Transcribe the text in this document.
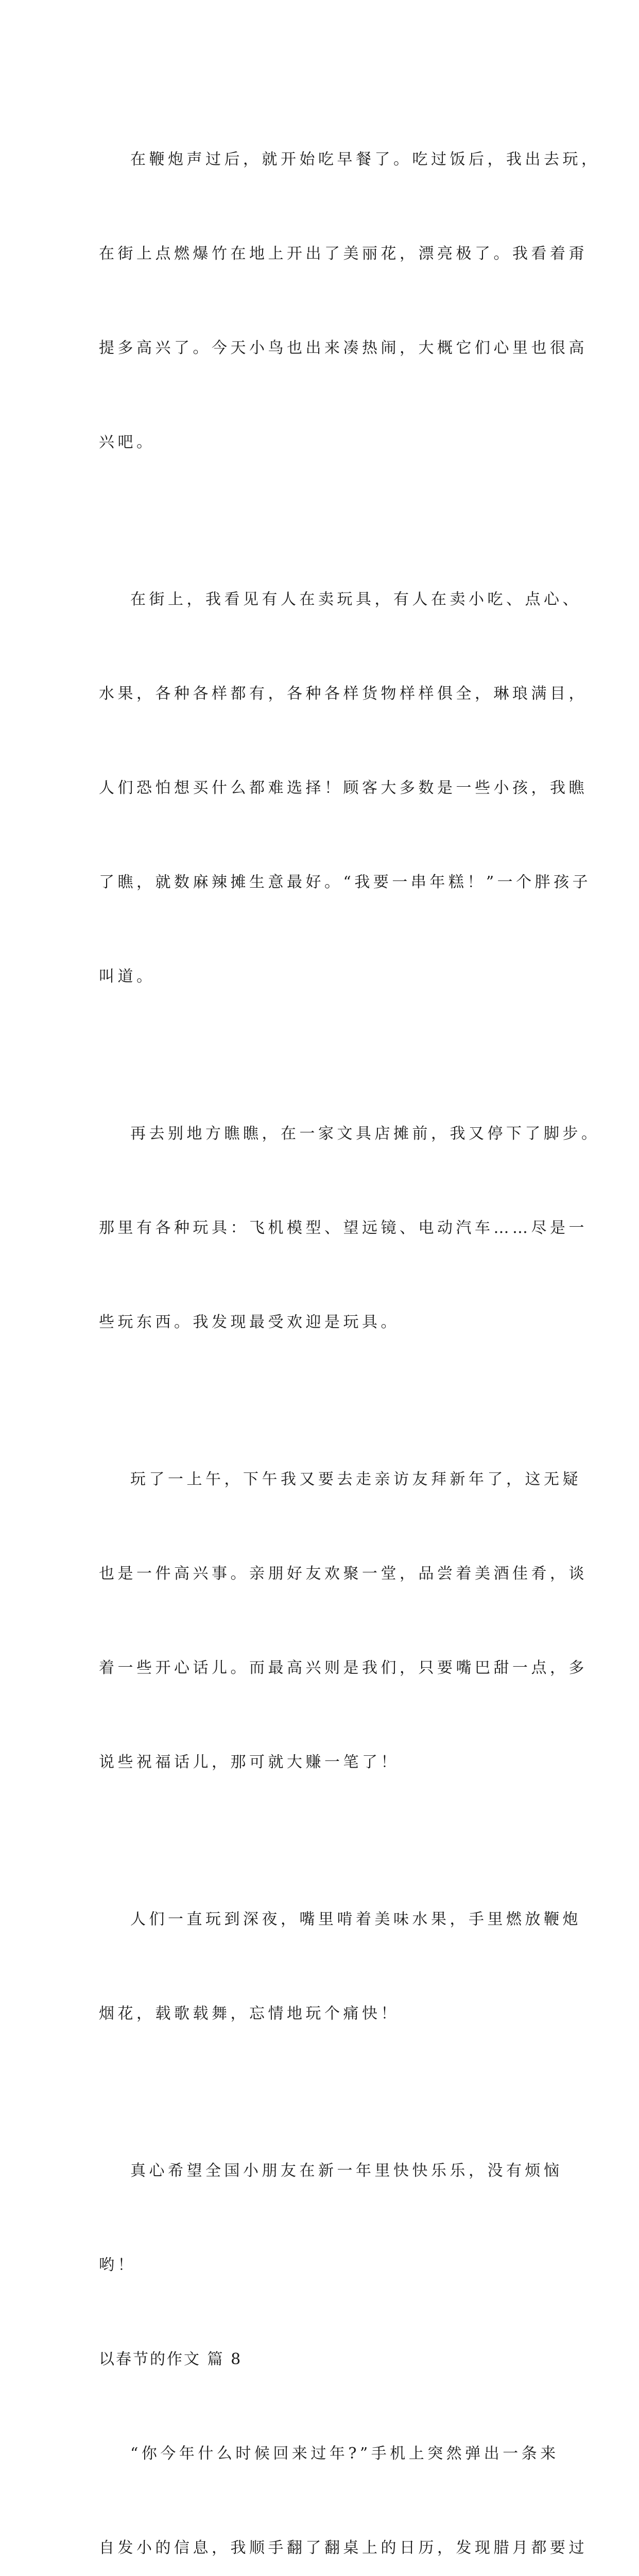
在鞭炮声过后，就开始吃早餐了。吃过饭后，我出去玩，

在街上点燃爆竹在地上开出了美丽花，漂亮极了。我看着甭

提多高兴了。今天小鸟也出来凑热闹，大概它们心里也很高

兴吧。

在街上，我看见有人在卖玩具，有人在卖小吃、点心、

水果，各种各样都有，各种各样货物样样俱全，琳琅满目，

人们恐怕想买什么都难选择！顾客大多数是一些小孩，我瞧

了瞧，就数麻辣摊生意最好。“我要一串年糕！”一个胖孩子

叫道。

再去别地方瞧瞧，在一家文具店摊前，我又停下了脚步。

那里有各种玩具：飞机模型、望远镜、电动汽车……尽是一

些玩东西。我发现最受欢迎是玩具。

玩了一上午，下午我又要去走亲访友拜新年了，这无疑

也是一件高兴事。亲朋好友欢聚一堂，品尝着美酒佳肴，谈

着一些开心话儿。而最高兴则是我们，只要嘴巴甜一点，多

说些祝福话儿，那可就大赚一笔了！

人们一直玩到深夜，嘴里啃着美味水果，手里燃放鞭炮

烟花，载歌载舞，忘情地玩个痛快！

真心希望全国小朋友在新一年里快快乐乐，没有烦恼

哟！

以春节的作文 篇 8

“你今年什么时候回来过年?”手机上突然弹出一条来

自发小的信息，我顺手翻了翻桌上的日历，发现腊月都要过
